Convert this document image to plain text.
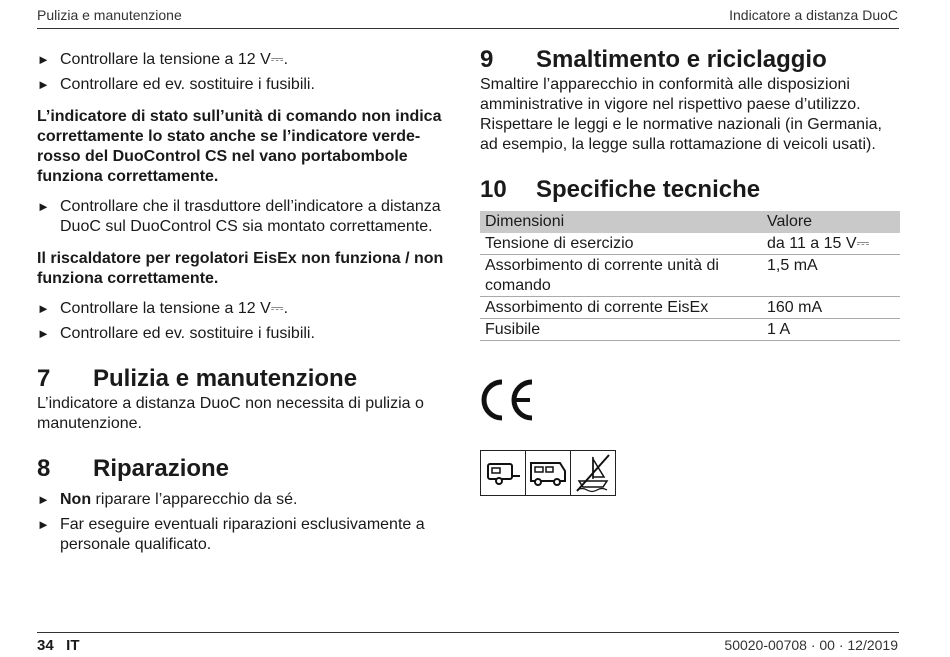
Pulizia e manutenzione	Indicatore a distanza DuoC
► Controllare la tensione a 12 V⎓.
► Controllare ed ev. sostituire i fusibili.
L’indicatore di stato sull’unità di comando non indica correttamente lo stato anche se l’indicatore verde-rosso del DuoControl CS nel vano portabombole funziona correttamente.
► Controllare che il trasduttore dell’indicatore a distanza DuoC sul DuoControl CS sia montato correttamente.
Il riscaldatore per regolatori EisEx non funziona / non funziona correttamente.
► Controllare la tensione a 12 V⎓.
► Controllare ed ev. sostituire i fusibili.
7	Pulizia e manutenzione
L’indicatore a distanza DuoC non necessita di pulizia o manutenzione.
8	Riparazione
► Non riparare l’apparecchio da sé.
► Far eseguire eventuali riparazioni esclusivamente a personale qualificato.
9	Smaltimento e riciclaggio
Smaltire l’apparecchio in conformità alle disposizioni amministrative in vigore nel rispettivo paese d’utilizzo. Rispettare le leggi e le normative nazionali (in Germania, ad esempio, la legge sulla rottamazione di veicoli usati).
10	Specifiche tecniche
Dimensioni	Valore
Tensione di esercizio	da 11 a 15 V⎓
Assorbimento di corrente unità di comando	1,5 mA
Assorbimento di corrente EisEx	160 mA
Fusibile	1 A
34   IT	50020-00708 · 00 · 12/2019
